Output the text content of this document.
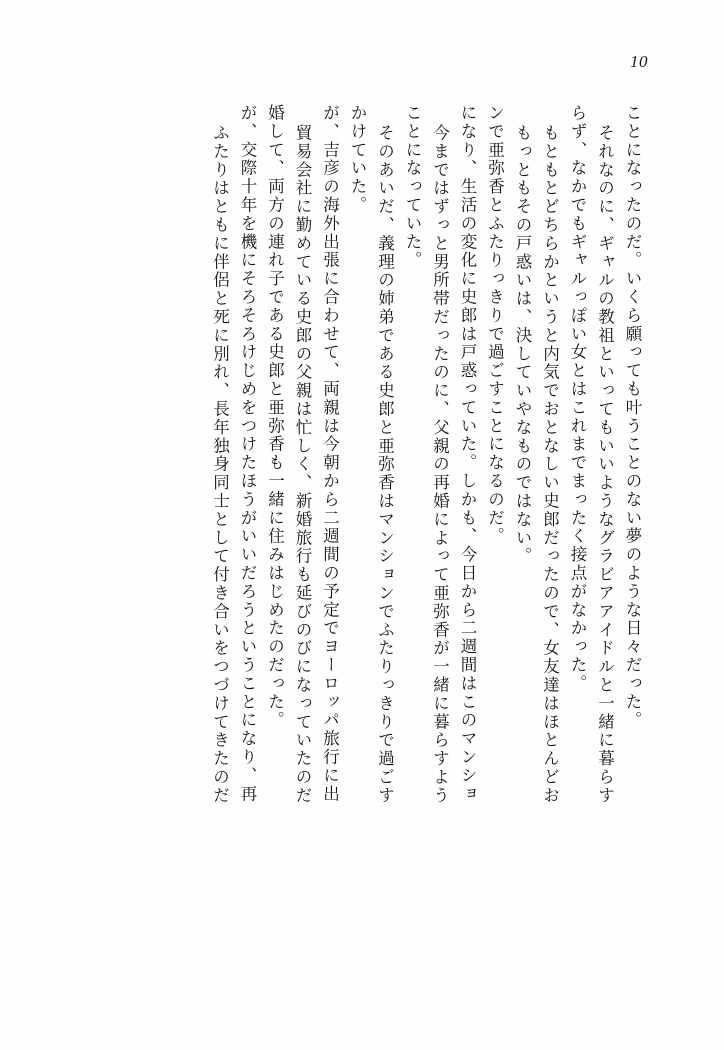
10
ふたりはともに伴侶と死に別れ、長年独身同士として付き合いをつづけてきたのだ が、交際十年を機にそろそろけじめをつけたほうがいいだろうということになり、再 婚して、両方の連れ子である史郎と亜弥香も一緒に住みはじめたのだった。 貿易会社に勤めている史郎の父親は忙しく、新婚旅行も延びのびになっていたのだ が、吉彦の海外出張に合わせて、両親は今朝から二週間の予定でヨーロッパ旅行に出 かけていた。 そのあいだ、義理の姉弟である史郎と亜弥香はマンションでふたりっきりで過ごす ことになっていた。 今まではずっと男所帯だったのに、父親の再婚によって亜弥香が一緒に暮らすよう になり、生活の変化に史郎は戸惑っていた。しかも、今日から二週間はこのマンショ ンで亜弥香とふたりっきりで過ごすことになるのだ。 もっともその戸惑いは、決していやなものではない。 もともとどちらかというと内気でおとなしい史郎だったので、女友達はほとんどお らず、なかでもギャルっぽい女とはこれまでまったく接点がなかった。 それなのに、ギャルの教祖といってもいいようなグラビアアイドルと一緒に暮らす ことになったのだ。いくら願っても叶うことのない夢のような日々だった。
